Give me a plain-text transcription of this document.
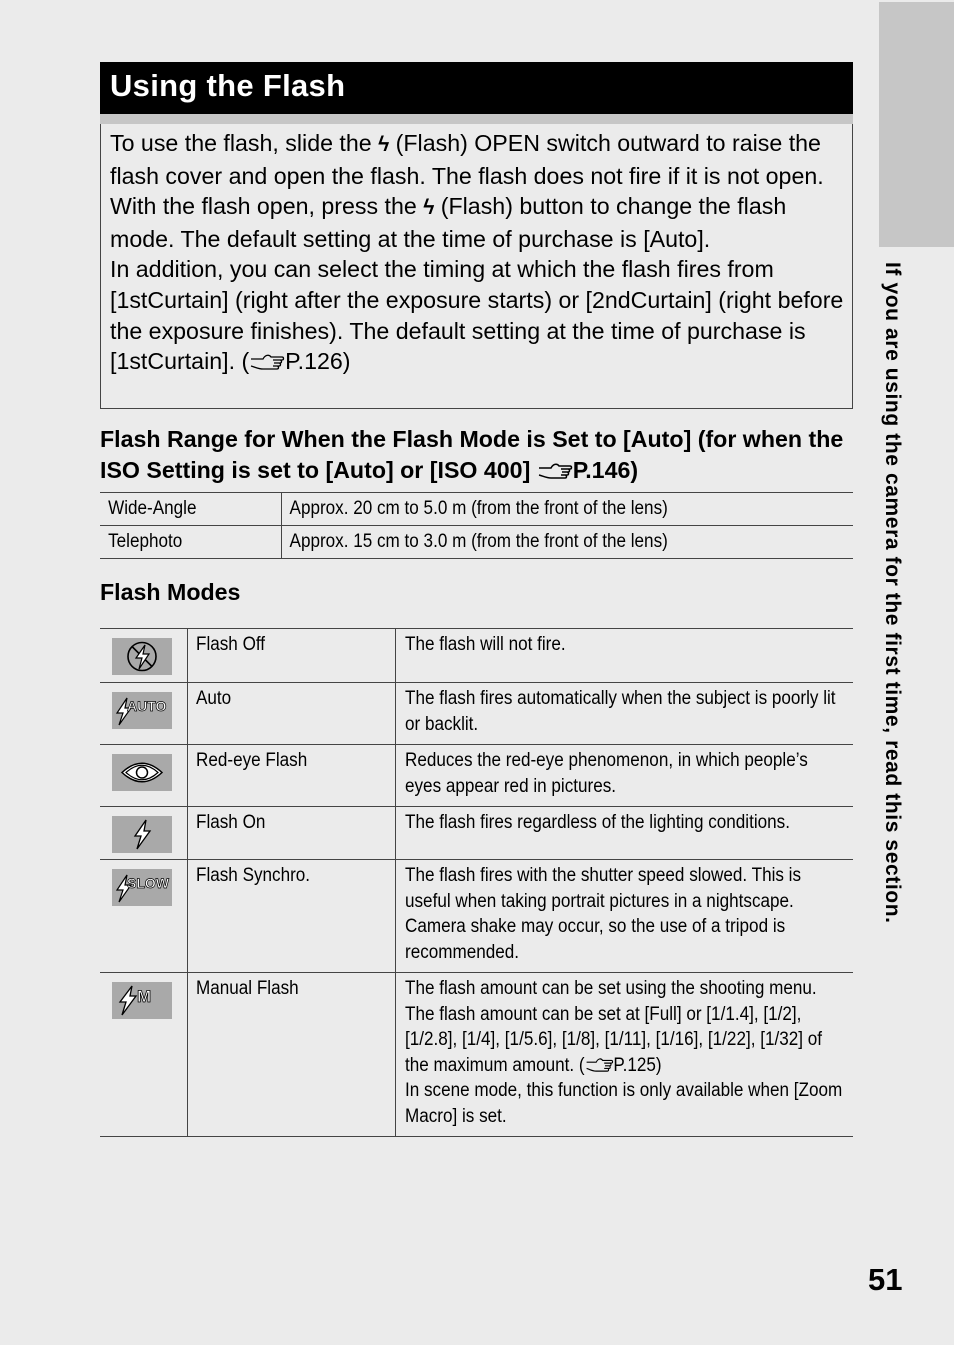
If you are using the camera for the first time, read this section.
51
Using the Flash

To use the flash, slide the ϟ (Flash) OPEN switch outward to raise the flash cover and open the flash. The flash does not fire if it is not open.

With the flash open, press the ϟ (Flash) button to change the flash mode. The default setting at the time of purchase is [Auto].

In addition, you can select the timing at which the flash fires from [1stCurtain] (right after the exposure starts) or [2ndCurtain] (right before the exposure finishes). The default setting at the time of purchase is [1stCurtain]. ( P.126)

Flash Range for When the Flash Mode is Set to [Auto] (for when the ISO Setting is set to [Auto] or [ISO 400] P.146)
Wide-Angle	Approx. 20 cm to 5.0 m (from the front of the lens)
Telephoto	Approx. 15 cm to 3.0 m (from the front of the lens)
Flash Modes
	Flash Off	The flash will not fire.

AUTO	Auto	The flash fires automatically when the subject is poorly lit or backlit.

	Red-eye Flash	Reduces the red-eye phenomenon, in which people’s eyes appear red in pictures.

	Flash On	The flash fires regardless of the lighting conditions.

SLOW	Flash Synchro.	The flash fires with the shutter speed slowed. This is useful when taking portrait pictures in a nightscape. Camera shake may occur, so the use of a tripod is recommended.

M	Manual Flash	The flash amount can be set using the shooting menu. The flash amount can be set at [Full] or [1/1.4], [1/2], [1/2.8], [1/4], [1/5.6], [1/8], [1/11], [1/16], [1/22], [1/32] of the maximum amount. ( P.125)
In scene mode, this function is only available when [Zoom Macro] is set.
